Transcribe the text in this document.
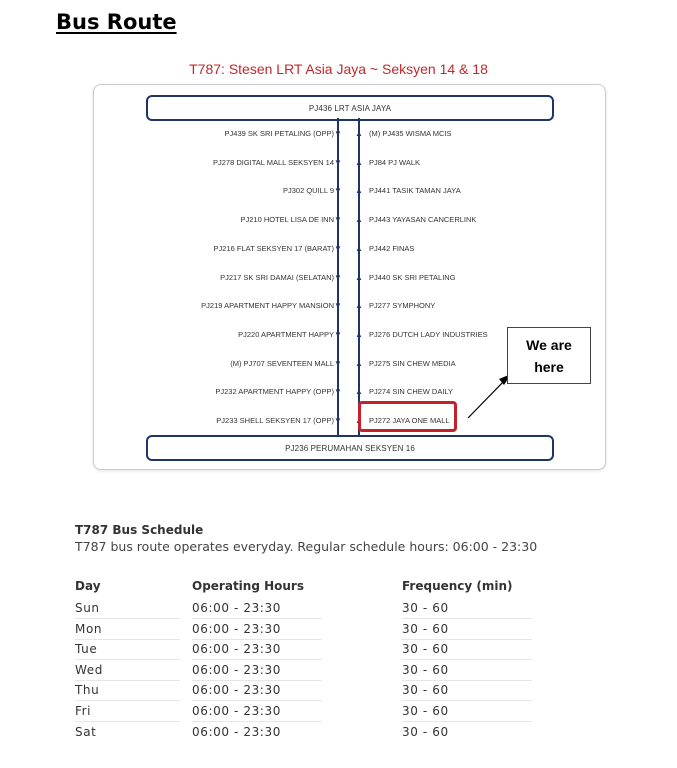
Bus Route
T787: Stesen LRT Asia Jaya ~ Seksyen 14 & 18
PJ436 LRT ASIA JAYA
PJ236 PERUMAHAN SEKSYEN 16
PJ439 SK SRI PETALING (OPP) ▼
PJ278 DIGITAL MALL SEKSYEN 14 ▼
PJ302 QUILL 9 ▼
PJ210 HOTEL LISA DE INN ▼
PJ216 FLAT SEKSYEN 17 (BARAT) ▼
PJ217 SK SRI DAMAI (SELATAN) ▼
PJ219 APARTMENT HAPPY MANSION ▼
PJ220 APARTMENT HAPPY ▼
(M) PJ707 SEVENTEEN MALL ▼
PJ232 APARTMENT HAPPY (OPP) ▼
PJ233 SHELL SEKSYEN 17 (OPP) ▼
(M) PJ435 WISMA MCIS
▲
PJ84 PJ WALK
▲
PJ441 TASIK TAMAN JAYA
▲
PJ443 YAYASAN CANCERLINK
▲
PJ442 FINAS
▲
PJ440 SK SRI PETALING
▲
PJ277 SYMPHONY
▲
PJ276 DUTCH LADY INDUSTRIES
▲
PJ275 SIN CHEW MEDIA
▲
PJ274 SIN CHEW DAILY
▲
PJ272 JAYA ONE MALL
▲
We are
here
T787 Bus Schedule
T787 bus route operates everyday. Regular schedule hours: 06:00 - 23:30
Day	Operating Hours	Frequency (min)
Sun	06:00 - 23:30	30 - 60
Mon	06:00 - 23:30	30 - 60
Tue	06:00 - 23:30	30 - 60
Wed	06:00 - 23:30	30 - 60
Thu	06:00 - 23:30	30 - 60
Fri	06:00 - 23:30	30 - 60
Sat	06:00 - 23:30	30 - 60
